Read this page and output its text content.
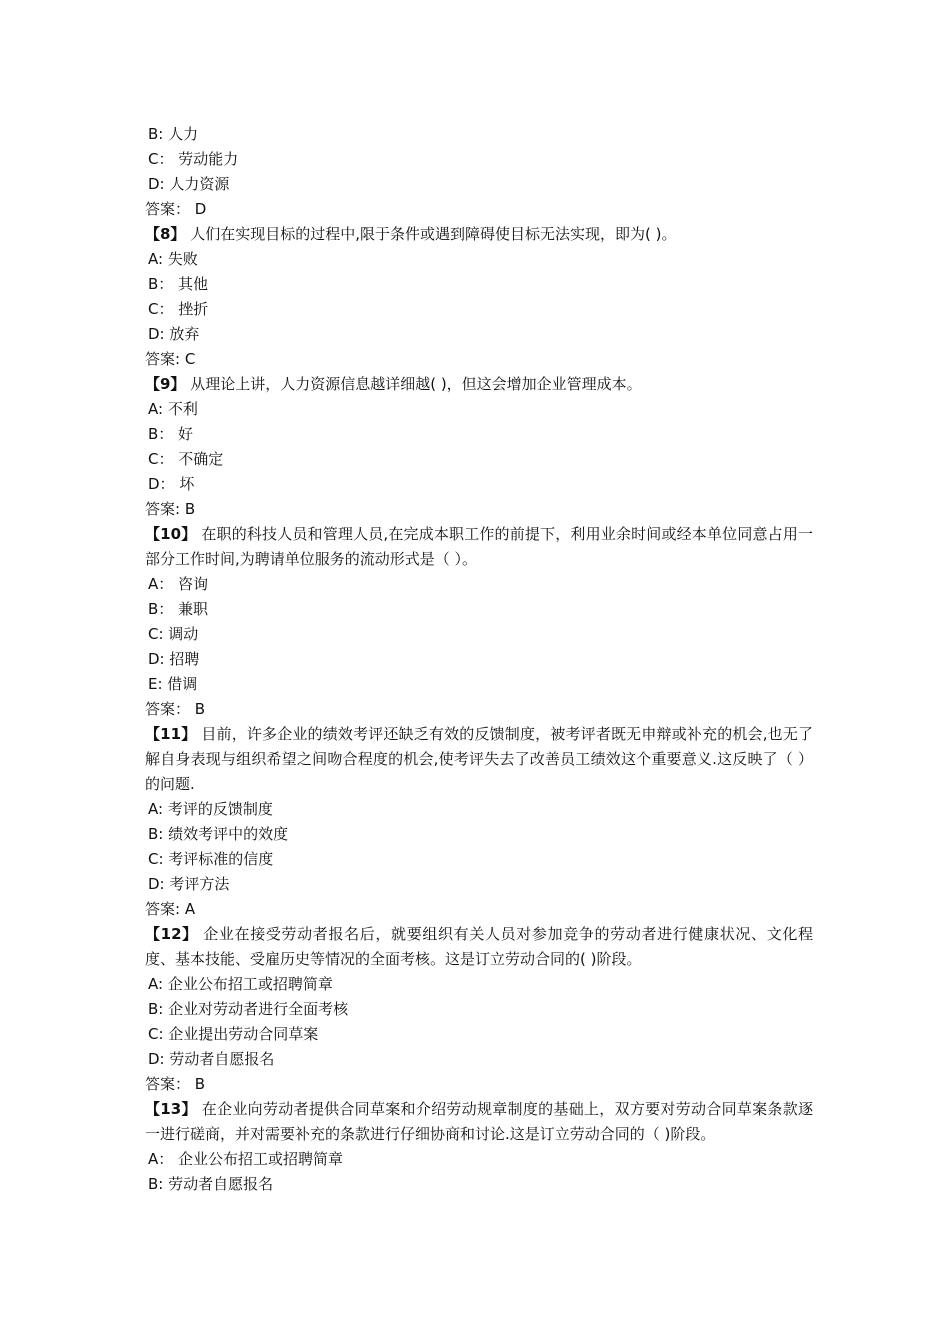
B: 人力
C： 劳动能力
D: 人力资源
答案： D
【8】 人们在实现目标的过程中,限于条件或遇到障碍使目标无法实现，即为( )。
A: 失败
B： 其他
C： 挫折
D: 放弃
答案: C
【9】 从理论上讲，人力资源信息越详细越( )，但这会增加企业管理成本。
A: 不利
B： 好
C： 不确定
D： 坏
答案: B
【10】 在职的科技人员和管理人员,在完成本职工作的前提下，利用业余时间或经本单位同意占用一部分工作时间,为聘请单位服务的流动形式是（ ）。
A： 咨询
B： 兼职
C: 调动
D: 招聘
E: 借调
答案： B
【11】 目前，许多企业的绩效考评还缺乏有效的反馈制度，被考评者既无申辩或补充的机会,也无了解自身表现与组织希望之间吻合程度的机会,使考评失去了改善员工绩效这个重要意义.这反映了（ ）的问题.
A: 考评的反馈制度
B: 绩效考评中的效度
C: 考评标准的信度
D: 考评方法
答案: A
【12】 企业在接受劳动者报名后，就要组织有关人员对参加竞争的劳动者进行健康状况、文化程度、基本技能、受雇历史等情况的全面考核。这是订立劳动合同的( )阶段。
A: 企业公布招工或招聘简章
B: 企业对劳动者进行全面考核
C: 企业提出劳动合同草案
D: 劳动者自愿报名
答案： B
【13】 在企业向劳动者提供合同草案和介绍劳动规章制度的基础上，双方要对劳动合同草案条款逐一进行磋商，并对需要补充的条款进行仔细协商和讨论.这是订立劳动合同的（ )阶段。
A： 企业公布招工或招聘简章
B: 劳动者自愿报名
